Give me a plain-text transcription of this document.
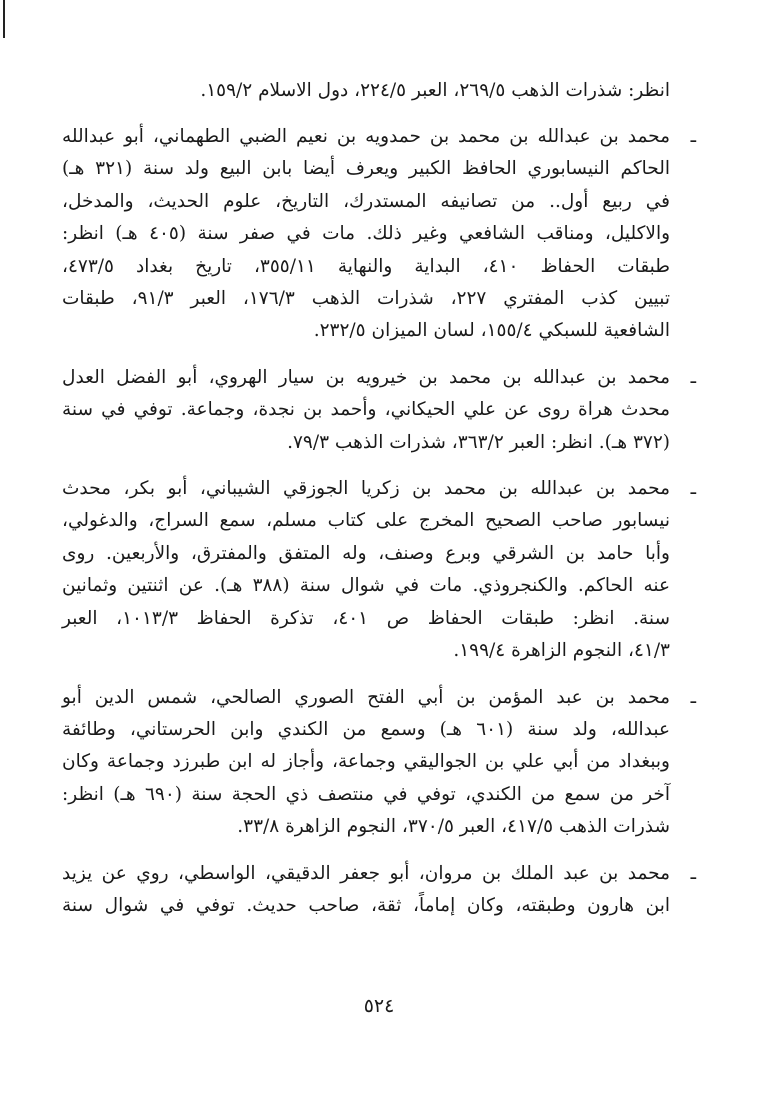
انظر: شذرات الذهب ٢٦٩/٥، العبر ٢٢٤/٥، دول الاسلام ١٥٩/٢.
ـ
محمد بن عبدالله بن محمد بن حمدويه بن نعيم الضبي الطهماني، أبو عبدالله
الحاكم النيسابوري الحافظ الكبير ويعرف أيضا بابن البيع ولد سنة (٣٢١ هـ)
في ربيع أول.. من تصانيفه المستدرك، التاريخ، علوم الحديث، والمدخل،
والاكليل، ومناقب الشافعي وغير ذلك. مات في صفر سنة (٤٠٥ هـ) انظر:
طبقات الحفاظ ٤١٠، البداية والنهاية ٣٥٥/١١، تاريخ بغداد ٤٧٣/٥،
تبيين كذب المفتري ٢٢٧، شذرات الذهب ١٧٦/٣، العبر ٩١/٣، طبقات
الشافعية للسبكي ١٥٥/٤، لسان الميزان ٢٣٢/٥.
ـ
محمد بن عبدالله بن محمد بن خيرويه بن سيار الهروي، أبو الفضل العدل
محدث هراة روى عن علي الحيكاني، وأحمد بن نجدة، وجماعة. توفي في سنة
(٣٧٢ هـ). انظر: العبر ٣٦٣/٢، شذرات الذهب ٧٩/٣.
ـ
محمد بن عبدالله بن محمد بن زكريا الجوزقي الشيباني، أبو بكر، محدث
نيسابور صاحب الصحيح المخرج على كتاب مسلم، سمع السراج، والدغولي،
وأبا حامد بن الشرقي وبرع وصنف، وله المتفق والمفترق، والأربعين. روى
عنه الحاكم. والكنجروذي. مات في شوال سنة (٣٨٨ هـ). عن اثنتين وثمانين
سنة. انظر: طبقات الحفاظ ص ٤٠١، تذكرة الحفاظ ١٠١٣/٣، العبر
٤١/٣، النجوم الزاهرة ١٩٩/٤.
ـ
محمد بن عبد المؤمن بن أبي الفتح الصوري الصالحي، شمس الدين أبو
عبدالله، ولد سنة (٦٠١ هـ) وسمع من الكندي وابن الحرستاني، وطائفة
وببغداد من أبي علي بن الجواليقي وجماعة، وأجاز له ابن طبرزد وجماعة وكان
آخر من سمع من الكندي، توفي في منتصف ذي الحجة سنة (٦٩٠ هـ) انظر:
شذرات الذهب ٤١٧/٥، العبر ٣٧٠/٥، النجوم الزاهرة ٣٣/٨.
ـ
محمد بن عبد الملك بن مروان، أبو جعفر الدقيقي، الواسطي، روي عن يزيد
ابن هارون وطبقته، وكان إماماً، ثقة، صاحب حديث. توفي في شوال سنة
٥٢٤
